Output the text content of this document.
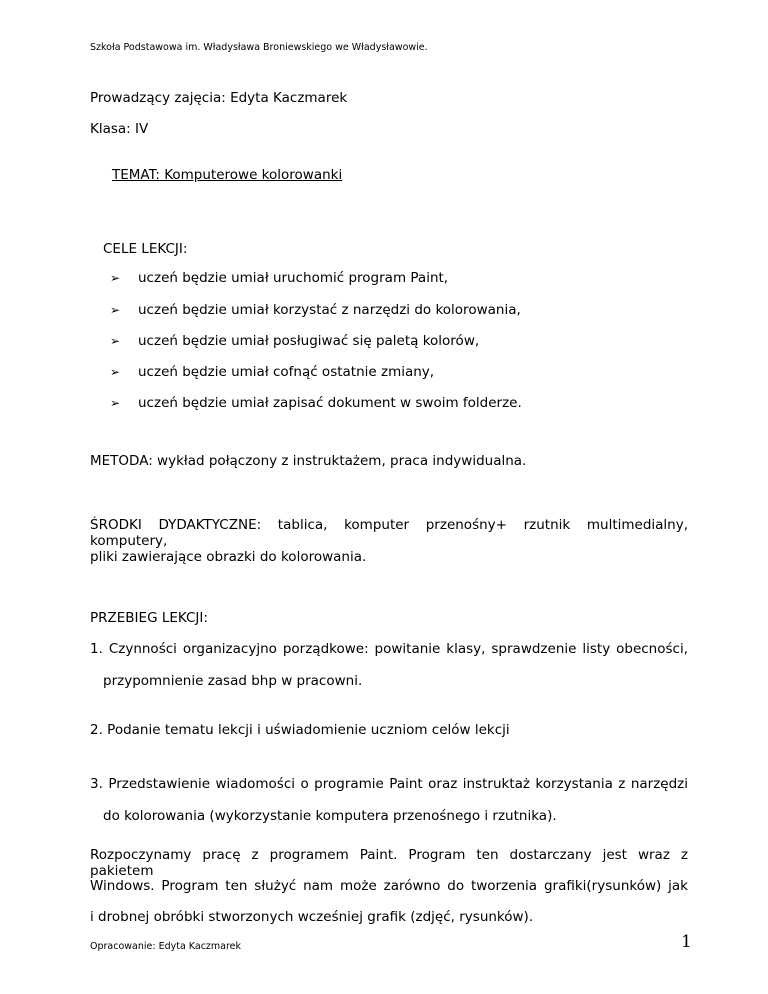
Szkoła Podstawowa im. Władysława Broniewskiego we Władysławowie.
Prowadzący zajęcia: Edyta Kaczmarek
Klasa: IV
TEMAT: Komputerowe kolorowanki
CELE LEKCJI:
➢ uczeń będzie umiał uruchomić program Paint,
➢ uczeń będzie umiał korzystać z narzędzi do kolorowania,
➢ uczeń będzie umiał posługiwać się paletą kolorów,
➢ uczeń będzie umiał cofnąć ostatnie zmiany,
➢ uczeń będzie umiał zapisać dokument w swoim folderze.
METODA: wykład połączony z instruktażem, praca indywidualna.
ŚRODKI DYDAKTYCZNE: tablica, komputer przenośny+ rzutnik multimedialny, komputery,
pliki zawierające obrazki do kolorowania.
PRZEBIEG LEKCJI:
1. Czynności organizacyjno porządkowe: powitanie klasy, sprawdzenie listy obecności,
przypomnienie zasad bhp w pracowni.
2. Podanie tematu lekcji i uświadomienie uczniom celów lekcji
3. Przedstawienie wiadomości o programie Paint oraz instruktaż korzystania z narzędzi
do kolorowania (wykorzystanie komputera przenośnego i rzutnika).
Rozpoczynamy pracę z programem Paint. Program ten dostarczany jest wraz z pakietem
Windows. Program ten służyć nam może zarówno do tworzenia grafiki(rysunków) jak
i drobnej obróbki stworzonych wcześniej grafik (zdjęć, rysunków).
Opracowanie: Edyta Kaczmarek	1
